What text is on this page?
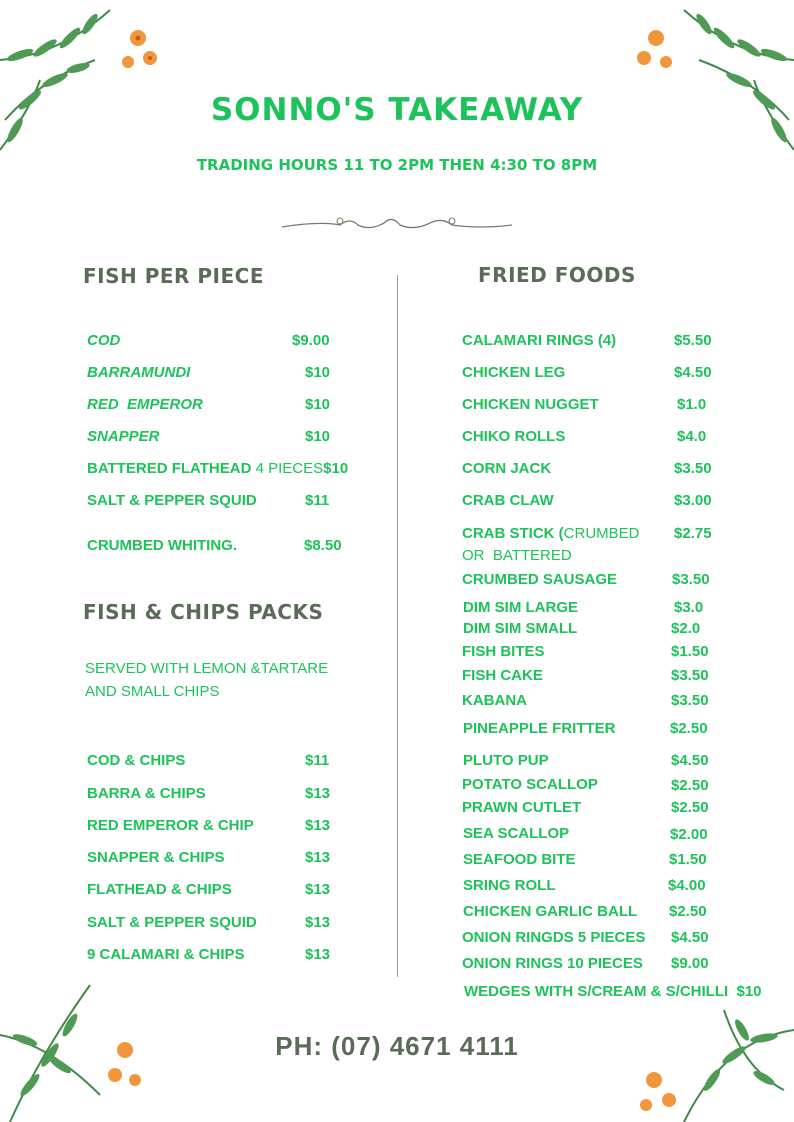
SONNO'S TAKEAWAY
TRADING HOURS 11 TO 2PM THEN 4:30 TO 8PM
FISH PER PIECE
COD	$9.00
BARRAMUNDI	$10
RED  EMPEROR	$10
SNAPPER	$10
BATTERED FLATHEAD 4 PIECES$10
SALT & PEPPER SQUID	$11
CRUMBED WHITING.	$8.50
FISH & CHIPS PACKS
SERVED WITH LEMON &TARTARE
AND SMALL CHIPS
COD & CHIPS	$11
BARRA & CHIPS	$13
RED EMPEROR & CHIP	$13
SNAPPER & CHIPS	$13
FLATHEAD & CHIPS	$13
SALT & PEPPER SQUID	$13
9 CALAMARI & CHIPS	$13
FRIED FOODS
CALAMARI RINGS (4)	$5.50
CHICKEN LEG	$4.50
CHICKEN NUGGET	$1.0
CHIKO ROLLS	$4.0
CORN JACK	$3.50
CRAB CLAW	$3.00
CRAB STICK (CRUMBED
OR  BATTERED
$2.75
CRUMBED SAUSAGE	$3.50
DIM SIM LARGE	$3.0
DIM SIM SMALL	$2.0
FISH BITES	$1.50
FISH CAKE	$3.50
KABANA	$3.50
PINEAPPLE FRITTER	$2.50
PLUTO PUP	$4.50
POTATO SCALLOP	$2.50
PRAWN CUTLET	$2.50
SEA SCALLOP	$2.00
SEAFOOD BITE	$1.50
SRING ROLL	$4.00
CHICKEN GARLIC BALL $2.50
ONION RINGDS 5 PIECES $4.50
ONION RINGS 10 PIECES $9.00
WEDGES WITH S/CREAM & S/CHILLI  $10
PH: (07) 4671 4111
